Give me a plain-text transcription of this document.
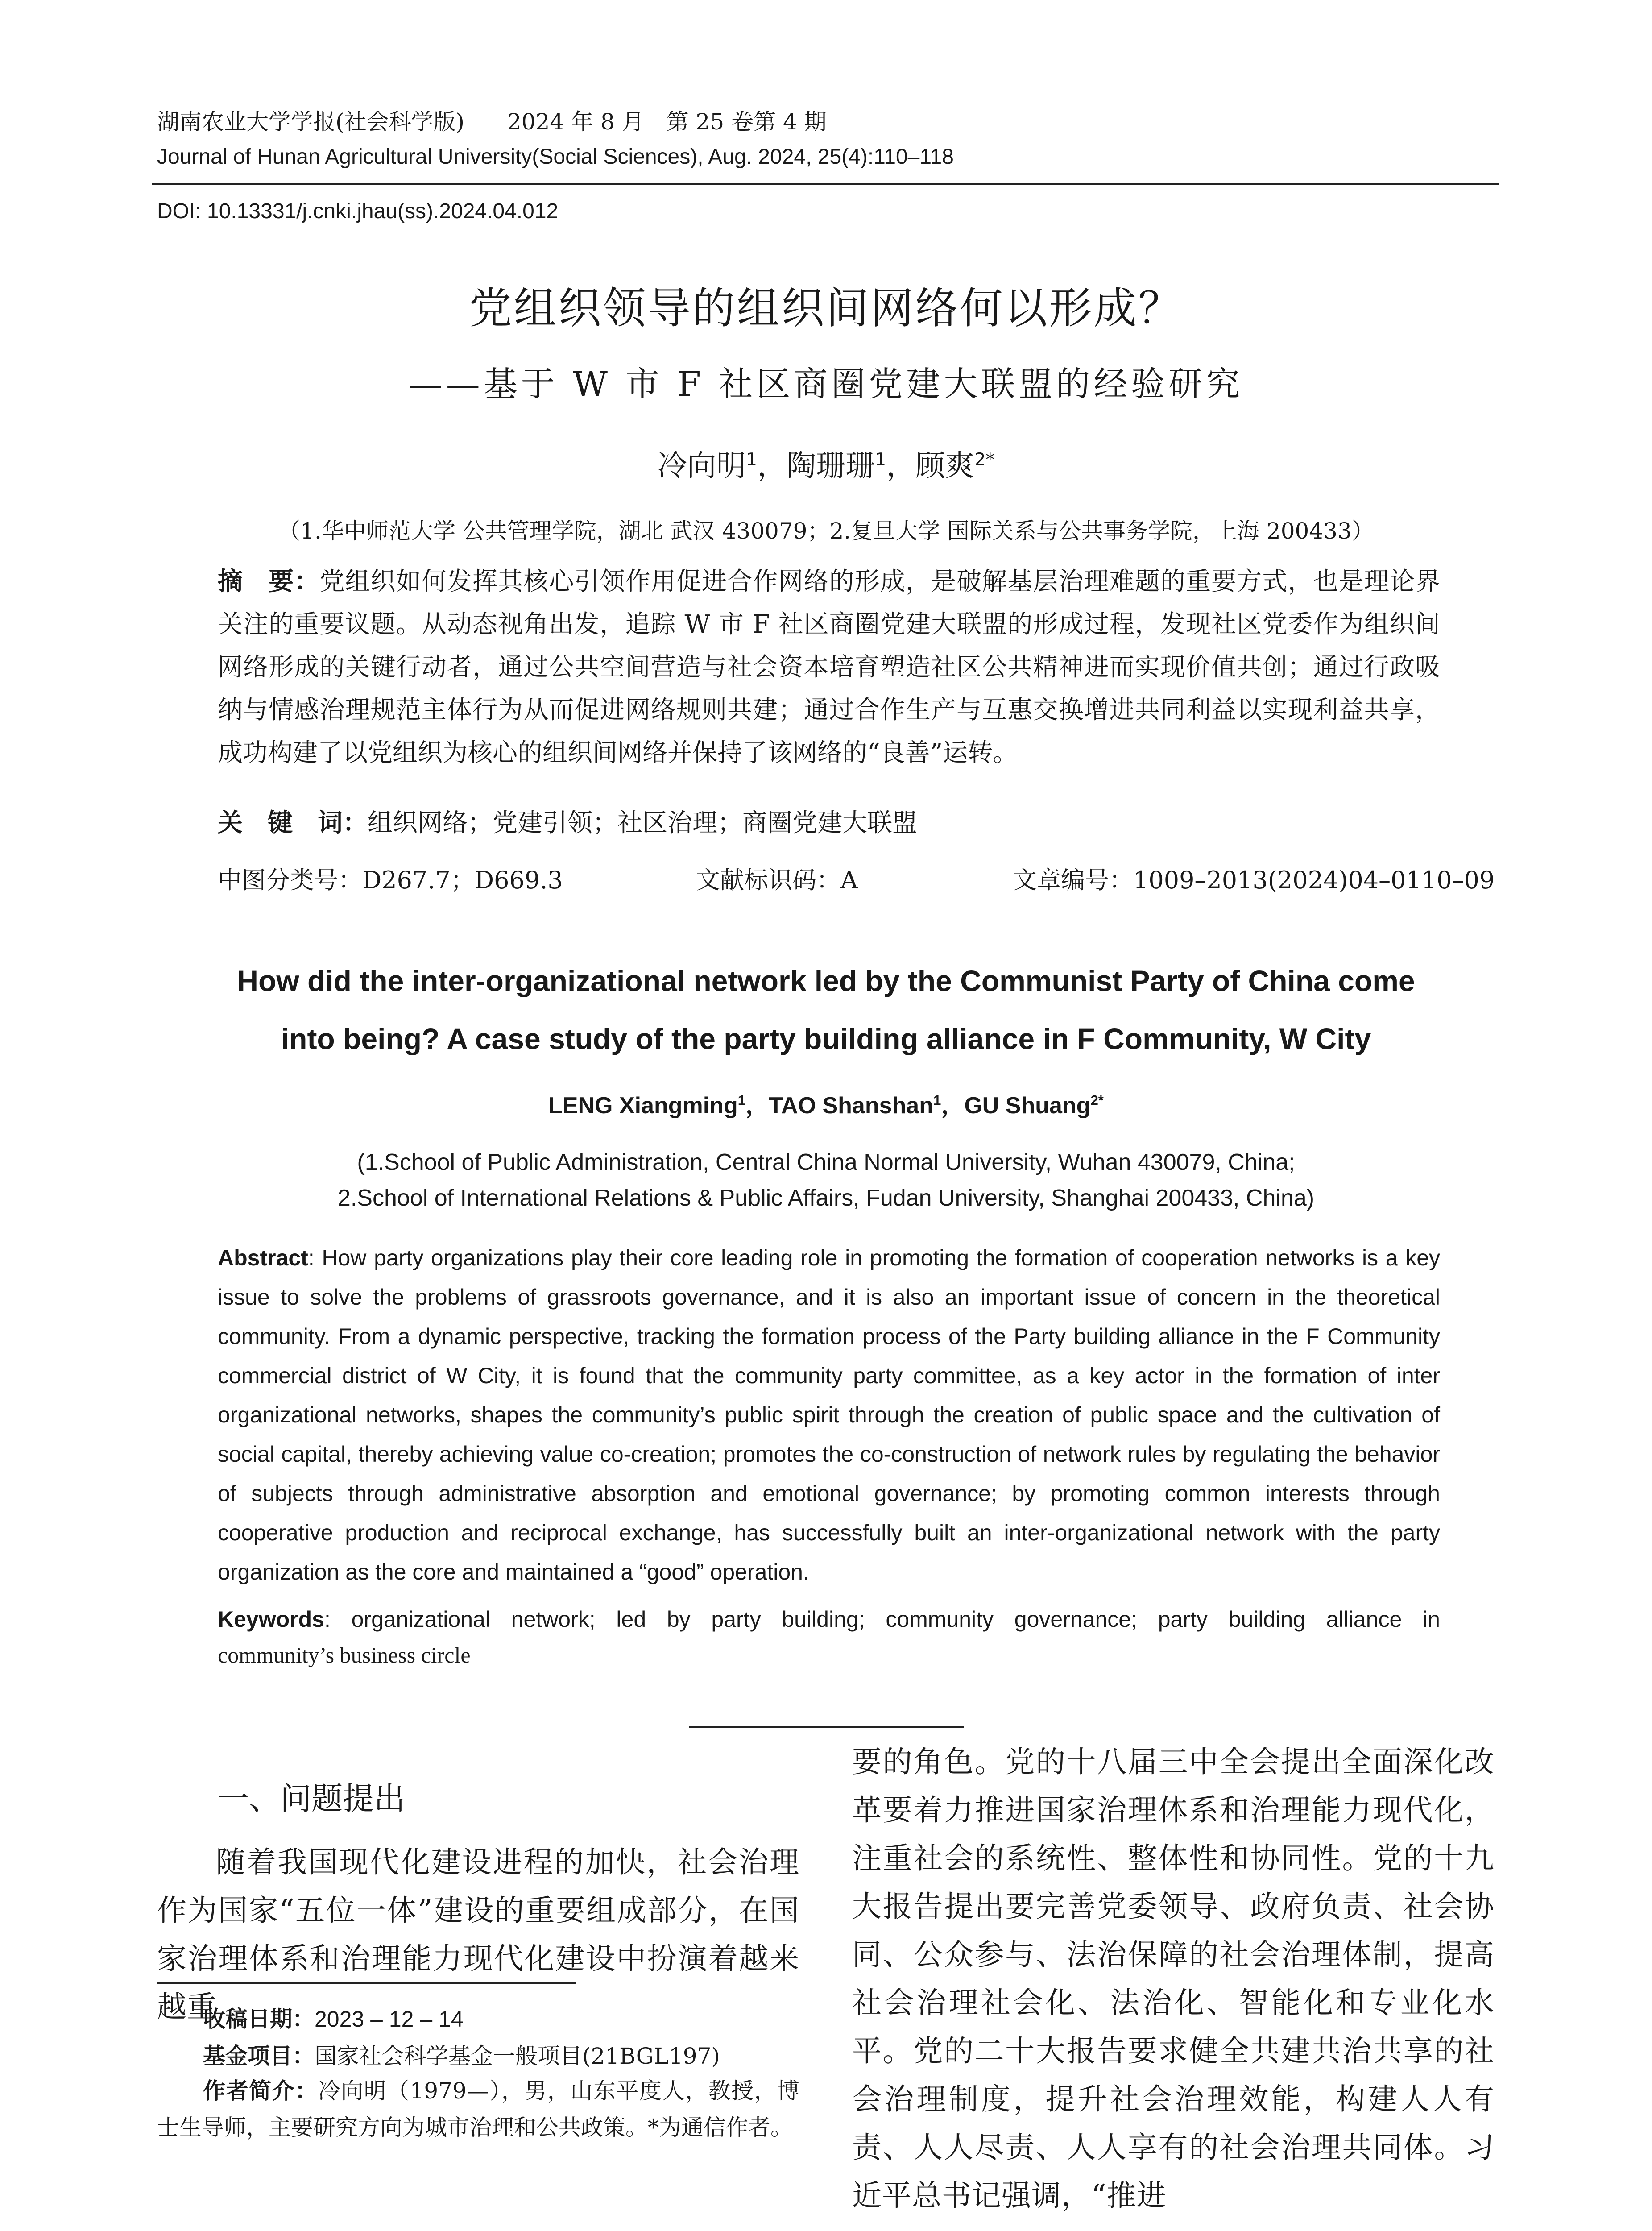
湖南农业大学学报(社会科学版) 2024 年 8 月　第 25 卷第 4 期
Journal of Hunan Agricultural University(Social Sciences), Aug. 2024, 25(4):110–118
DOI: 10.13331/j.cnki.jhau(ss).2024.04.012
党组织领导的组织间网络何以形成？
——基于 W 市 F 社区商圈党建大联盟的经验研究
冷向明$^1$，陶珊珊$^1$，顾爽$^{2*}$
（1.华中师范大学 公共管理学院，湖北 武汉 430079；2.复旦大学 国际关系与公共事务学院，上海 200433）
摘　要：党组织如何发挥其核心引领作用促进合作网络的形成，是破解基层治理难题的重要方式，也是理论界关注的重要议题。从动态视角出发，追踪 W 市 F 社区商圈党建大联盟的形成过程，发现社区党委作为组织间网络形成的关键行动者，通过公共空间营造与社会资本培育塑造社区公共精神进而实现价值共创；通过行政吸纳与情感治理规范主体行为从而促进网络规则共建；通过合作生产与互惠交换增进共同利益以实现利益共享，成功构建了以党组织为核心的组织间网络并保持了该网络的“良善”运转。
关　键　词：组织网络；党建引领；社区治理；商圈党建大联盟
中图分类号：D267.7；D669.3	文献标识码：A	文章编号：1009–2013(2024)04–0110–09
How did the inter-organizational network led by the Communist Party of China come
into being? A case study of the party building alliance in F Community, W City
LENG Xiangming$^1$，TAO Shanshan$^1$，GU Shuang$^{2*}$
(1.School of Public Administration, Central China Normal University, Wuhan 430079, China;
2.School of International Relations & Public Affairs, Fudan University, Shanghai 200433, China)
Abstract: How party organizations play their core leading role in promoting the formation of cooperation networks is a key issue to solve the problems of grassroots governance, and it is also an important issue of concern in the theoretical community. From a dynamic perspective, tracking the formation process of the Party building alliance in the F Community commercial district of W City, it is found that the community party committee, as a key actor in the formation of inter organizational networks, shapes the community’s public spirit through the creation of public space and the cultivation of social capital, thereby achieving value co-creation; promotes the co-construction of network rules by regulating the behavior of subjects through administrative absorption and emotional governance; by promoting common interests through cooperative production and reciprocal exchange, has successfully built an inter-organizational network with the party organization as the core and maintained a “good” operation.
Keywords: organizational network; led by party building; community governance; party building alliance in
community’s business circle
一、问题提出
随着我国现代化建设进程的加快，社会治理作为国家“五位一体”建设的重要组成部分，在国家治理体系和治理能力现代化建设中扮演着越来越重
收稿日期：2023 – 12 – 14
基金项目：国家社会科学基金一般项目(21BGL197)
作者简介：冷向明（1979—），男，山东平度人，教授，博士生导师，主要研究方向为城市治理和公共政策。*为通信作者。
要的角色。党的十八届三中全会提出全面深化改革要着力推进国家治理体系和治理能力现代化，注重社会的系统性、整体性和协同性。党的十九大报告提出要完善党委领导、政府负责、社会协同、公众参与、法治保障的社会治理体制，提高社会治理社会化、法治化、智能化和专业化水平。党的二十大报告要求健全共建共治共享的社会治理制度，提升社会治理效能，构建人人有责、人人尽责、人人享有的社会治理共同体。习近平总书记强调，“推进
